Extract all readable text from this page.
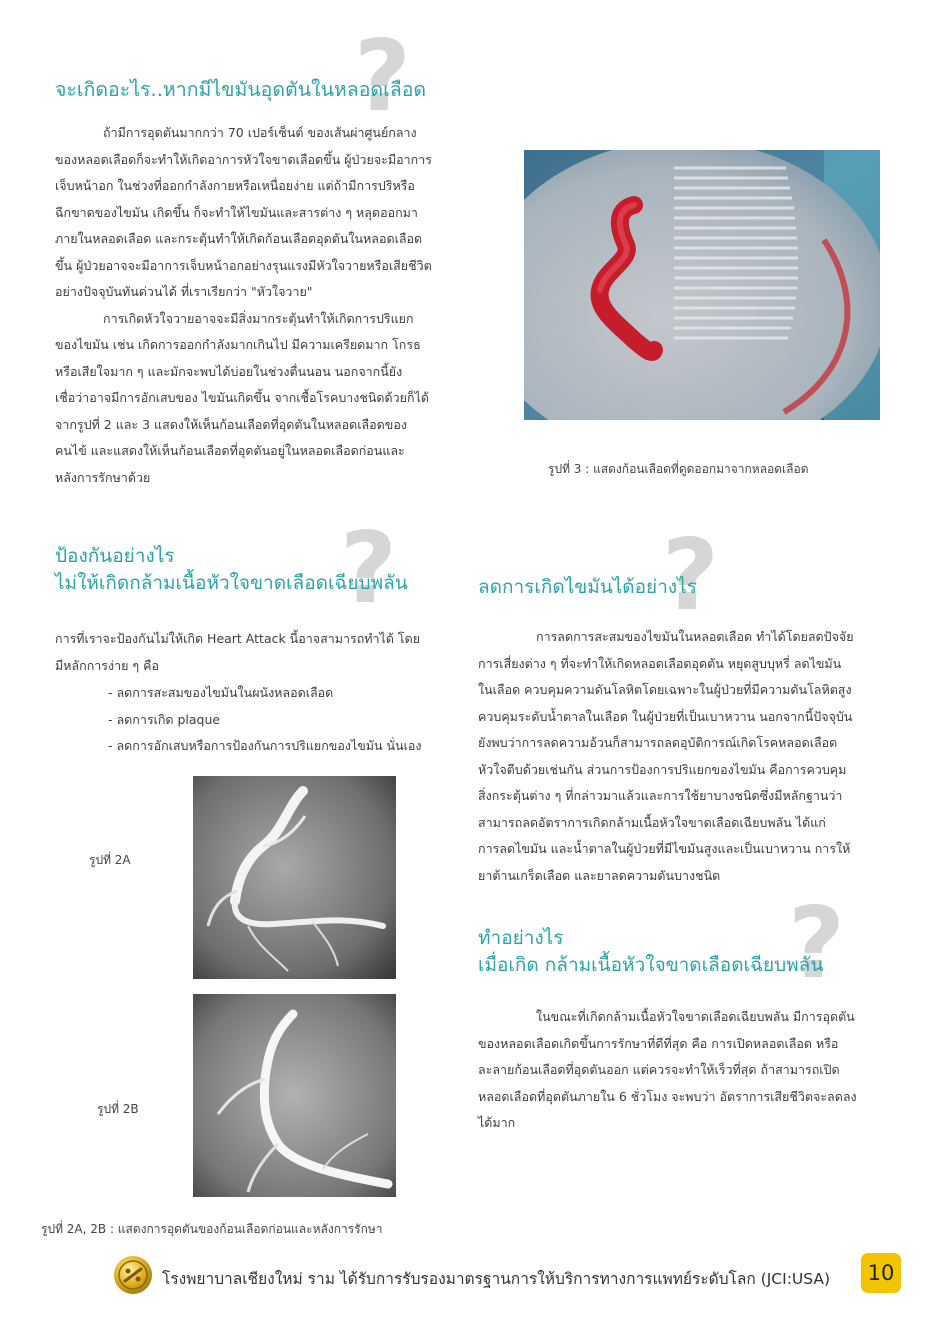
?
?	?
?
จะเกิดอะไร..หากมีไขมันอุดตันในหลอดเลือด
ถ้ามีการอุดตันมากกว่า 70 เปอร์เซ็นต์ ของเส้นผ่าศูนย์กลาง
ของหลอดเลือดก็จะทำให้เกิดอาการหัวใจขาดเลือดขึ้น ผู้ป่วยจะมีอาการ
เจ็บหน้าอก ในช่วงที่ออกกำลังกายหรือเหนื่อยง่าย แต่ถ้ามีการปริหรือ
ฉีกขาดของไขมัน เกิดขึ้น ก็จะทำให้ไขมันและสารต่าง ๆ หลุดออกมา
ภายในหลอดเลือด และกระตุ้นทำให้เกิดก้อนเลือดอุดตันในหลอดเลือด
ขึ้น ผู้ป่วยอาจจะมีอาการเจ็บหน้าอกอย่างรุนแรงมีหัวใจวายหรือเสียชีวิต
อย่างปัจจุบันทันด่วนได้ ที่เราเรียกว่า "หัวใจวาย"
การเกิดหัวใจวายอาจจะมีสิ่งมากระตุ้นทำให้เกิดการปริแยก
ของไขมัน เช่น เกิดการออกกำลังมากเกินไป มีความเครียดมาก โกรธ
หรือเสียใจมาก ๆ และมักจะพบได้บ่อยในช่วงตื่นนอน นอกจากนี้ยัง
เชื่อว่าอาจมีการอักเสบของ ไขมันเกิดขึ้น จากเชื้อโรคบางชนิดด้วยก็ได้
จากรูปที่ 2 และ 3 แสดงให้เห็นก้อนเลือดที่อุดตันในหลอดเลือดของ
คนไข้ และแสดงให้เห็นก้อนเลือดที่อุดตันอยู่ในหลอดเลือดก่อนและ
หลังการรักษาด้วย
รูปที่ 3 : แสดงก้อนเลือดที่ดูดออกมาจากหลอดเลือด
ป้องกันอย่างไร
ไม่ให้เกิดกล้ามเนื้อหัวใจขาดเลือดเฉียบพลัน
การที่เราจะป้องกันไม่ให้เกิด Heart Attack นี้อาจสามารถทำได้ โดย
มีหลักการง่าย ๆ คือ
- ลดการสะสมของไขมันในผนังหลอดเลือด
- ลดการเกิด plaque
- ลดการอักเสบหรือการป้องกันการปริแยกของไขมัน นั่นเอง
รูปที่ 2A
รูปที่ 2B
รูปที่ 2A, 2B : แสดงการอุดตันของก้อนเลือดก่อนและหลังการรักษา
ลดการเกิดไขมันได้อย่างไร
การลดการสะสมของไขมันในหลอดเลือด ทำได้โดยลดปัจจัย
การเสี่ยงต่าง ๆ ที่จะทำให้เกิดหลอดเลือดอุดตัน หยุดสูบบุหรี่ ลดไขมัน
ในเลือด ควบคุมความดันโลหิตโดยเฉพาะในผู้ป่วยที่มีความดันโลหิตสูง
ควบคุมระดับน้ำตาลในเลือด ในผู้ป่วยที่เป็นเบาหวาน นอกจากนี้ปัจจุบัน
ยังพบว่าการลดความอ้วนก็สามารถลดอุบัติการณ์เกิดโรคหลอดเลือด
หัวใจตีบด้วยเช่นกัน ส่วนการป้องการปริแยกของไขมัน คือการควบคุม
สิ่งกระตุ้นต่าง ๆ ที่กล่าวมาแล้วและการใช้ยาบางชนิดซึ่งมีหลักฐานว่า
สามารถลดอัตราการเกิดกล้ามเนื้อหัวใจขาดเลือดเฉียบพลัน ได้แก่
การลดไขมัน และน้ำตาลในผู้ป่วยที่มีไขมันสูงและเป็นเบาหวาน การให้
ยาต้านเกร็ดเลือด และยาลดความดันบางชนิด
ทำอย่างไร
เมื่อเกิด กล้ามเนื้อหัวใจขาดเลือดเฉียบพลัน
ในขณะที่เกิดกล้ามเนื้อหัวใจขาดเลือดเฉียบพลัน มีการอุดตัน
ของหลอดเลือดเกิดขึ้นการรักษาที่ดีที่สุด คือ การเปิดหลอดเลือด หรือ
ละลายก้อนเลือดที่อุดตันออก แต่ควรจะทำให้เร็วที่สุด ถ้าสามารถเปิด
หลอดเลือดที่อุดตันภายใน 6 ชั่วโมง จะพบว่า อัตราการเสียชีวิตจะลดลง
ได้มาก
โรงพยาบาลเชียงใหม่ ราม ได้รับการรับรองมาตรฐานการให้บริการทางการแพทย์ระดับโลก (JCI:USA)	10
